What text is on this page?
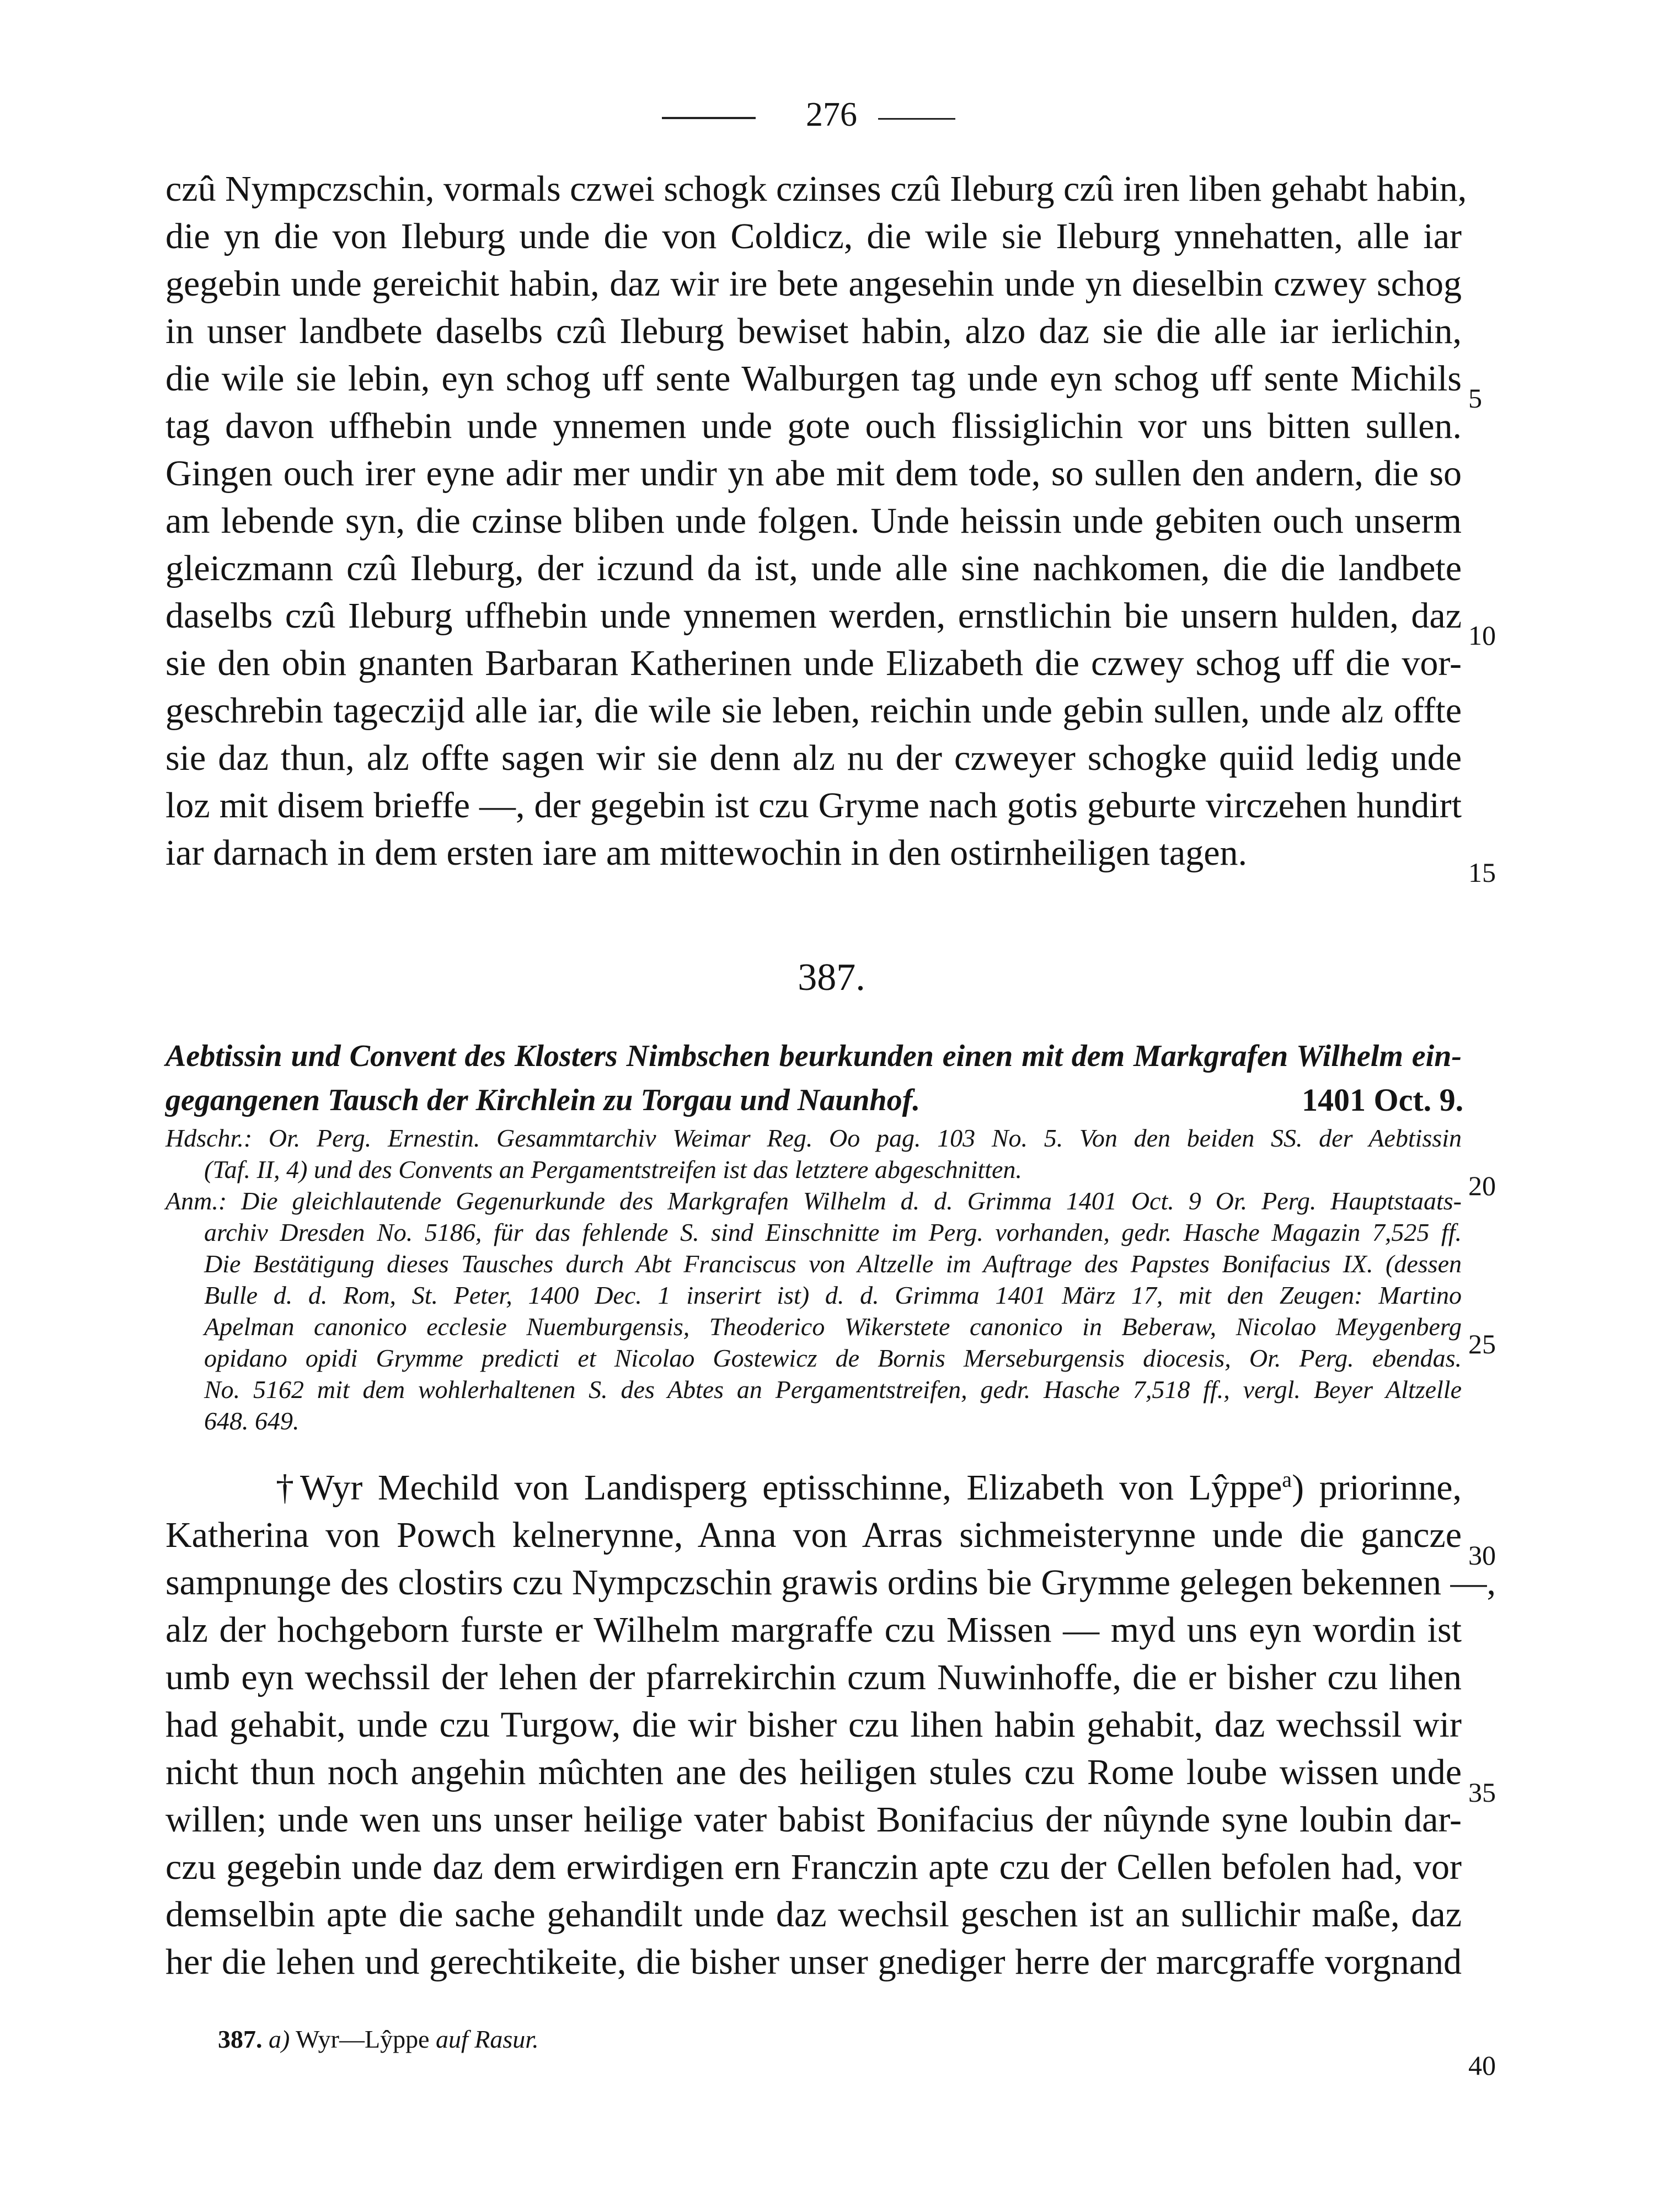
276
czû Nympczschin, vormals czwei schogk czinses czû Ileburg czû iren liben gehabt habin,
die yn die von Ileburg unde die von Coldicz, die wile sie Ileburg ynnehatten, alle iar
gegebin unde gereichit habin, daz wir ire bete angesehin unde yn dieselbin czwey schog
in unser landbete daselbs czû Ileburg bewiset habin, alzo daz sie die alle iar ierlichin,
die wile sie lebin, eyn schog uff sente Walburgen tag unde eyn schog uff sente Michils
tag davon uffhebin unde ynnemen unde gote ouch flissiglichin vor uns bitten sullen.
Gingen ouch irer eyne adir mer undir yn abe mit dem tode, so sullen den andern, die so
am lebende syn, die czinse bliben unde folgen. Unde heissin unde gebiten ouch unserm
gleiczmann czû Ileburg, der iczund da ist, unde alle sine nachkomen, die die landbete
daselbs czû Ileburg uffhebin unde ynnemen werden, ernstlichin bie unsern hulden, daz
sie den obin gnanten Barbaran Katherinen unde Elizabeth die czwey schog uff die vor-
geschrebin tageczijd alle iar, die wile sie leben, reichin unde gebin sullen, unde alz offte
sie daz thun, alz offte sagen wir sie denn alz nu der czweyer schogke quiid ledig unde
loz mit disem brieffe —, der gegebin ist czu Gryme nach gotis geburte virczehen hundirt
iar darnach in dem ersten iare am mittewochin in den ostirnheiligen tagen.
5
10
15
387.
Aebtissin und Convent des Klosters Nimbschen beurkunden einen mit dem Markgrafen Wilhelm ein-
gegangenen Tausch der Kirchlein zu Torgau und Naunhof.	1401 Oct. 9.
Hdschr.: Or. Perg. Ernestin. Gesammtarchiv Weimar Reg. Oo pag. 103 No. 5. Von den beiden SS. der Aebtissin
(Taf. II, 4) und des Convents an Pergamentstreifen ist das letztere abgeschnitten.
Anm.: Die gleichlautende Gegenurkunde des Markgrafen Wilhelm d. d. Grimma 1401 Oct. 9 Or. Perg. Hauptstaats-
archiv Dresden No. 5186, für das fehlende S. sind Einschnitte im Perg. vorhanden, gedr. Hasche Magazin 7,525 ff.
Die Bestätigung dieses Tausches durch Abt Franciscus von Altzelle im Auftrage des Papstes Bonifacius IX. (dessen
Bulle d. d. Rom, St. Peter, 1400 Dec. 1 inserirt ist) d. d. Grimma 1401 März 17, mit den Zeugen: Martino
Apelman canonico ecclesie Nuemburgensis, Theoderico Wikerstete canonico in Beberaw, Nicolao Meygenberg
opidano opidi Grymme predicti et Nicolao Gostewicz de Bornis Merseburgensis diocesis, Or. Perg. ebendas.
No. 5162 mit dem wohlerhaltenen S. des Abtes an Pergamentstreifen, gedr. Hasche 7,518 ff., vergl. Beyer Altzelle
648. 649.
20
25
†Wyr Mechild von Landisperg eptisschinne, Elizabeth von Lŷppe$^a$) priorinne,
Katherina von Powch kelnerynne, Anna von Arras sichmeisterynne unde die gancze
sampnunge des clostirs czu Nympczschin grawis ordins bie Grymme gelegen bekennen —,
alz der hochgeborn furste er Wilhelm margraffe czu Missen — myd uns eyn wordin ist
umb eyn wechssil der lehen der pfarrekirchin czum Nuwinhoffe, die er bisher czu lihen
had gehabit, unde czu Turgow, die wir bisher czu lihen habin gehabit, daz wechssil wir
nicht thun noch angehin mûchten ane des heiligen stules czu Rome loube wissen unde
willen; unde wen uns unser heilige vater babist Bonifacius der nûynde syne loubin dar-
czu gegebin unde daz dem erwirdigen ern Franczin apte czu der Cellen befolen had, vor
demselbin apte die sache gehandilt unde daz wechsil geschen ist an sullichir maße, daz
her die lehen und gerechtikeite, die bisher unser gnediger herre der marcgraffe vorgnand
30
35
40
387. a) Wyr—Lŷppe auf Rasur.
